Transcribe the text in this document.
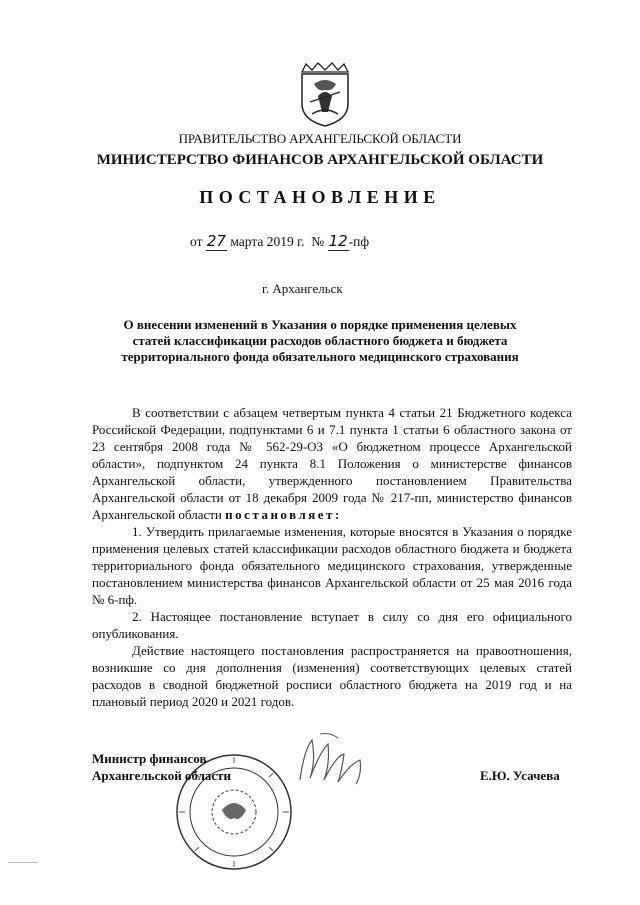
ПРАВИТЕЛЬСТВО АРХАНГЕЛЬСКОЙ ОБЛАСТИ
МИНИСТЕРСТВО ФИНАНСОВ АРХАНГЕЛЬСКОЙ ОБЛАСТИ
ПОСТАНОВЛЕНИЕ
от 27 марта 2019 г. № 12-пф
г. Архангельск
О внесении изменений в Указания о порядке применения целевых статей классификации расходов областного бюджета и бюджета территориального фонда обязательного медицинского страхования

В соответствии с абзацем четвертым пункта 4 статьи 21 Бюджетного кодекса Российской Федерации, подпунктами 6 и 7.1 пункта 1 статьи 6 областного закона от 23 сентября 2008 года № 562-29-ОЗ «О бюджетном процессе Архангельской области», подпунктом 24 пункта 8.1 Положения о министерстве финансов Архангельской области, утвержденного постановлением Правительства Архангельской области от 18 декабря 2009 года № 217-пп, министерство финансов Архангельской области постановляет:

1. Утвердить прилагаемые изменения, которые вносятся в Указания о порядке применения целевых статей классификации расходов областного бюджета и бюджета территориального фонда обязательного медицинского страхования, утвержденные постановлением министерства финансов Архангельской области от 25 мая 2016 года № 6-пф.

2. Настоящее постановление вступает в силу со дня его официального опубликования.

Действие настоящего постановления распространяется на правоотношения, возникшие со дня дополнения (изменения) соответствующих целевых статей расходов в сводной бюджетной росписи областного бюджета на 2019 год и на плановый период 2020 и 2021 годов.

Министр финансов
Архангельской области	Е.Ю. Усачева
